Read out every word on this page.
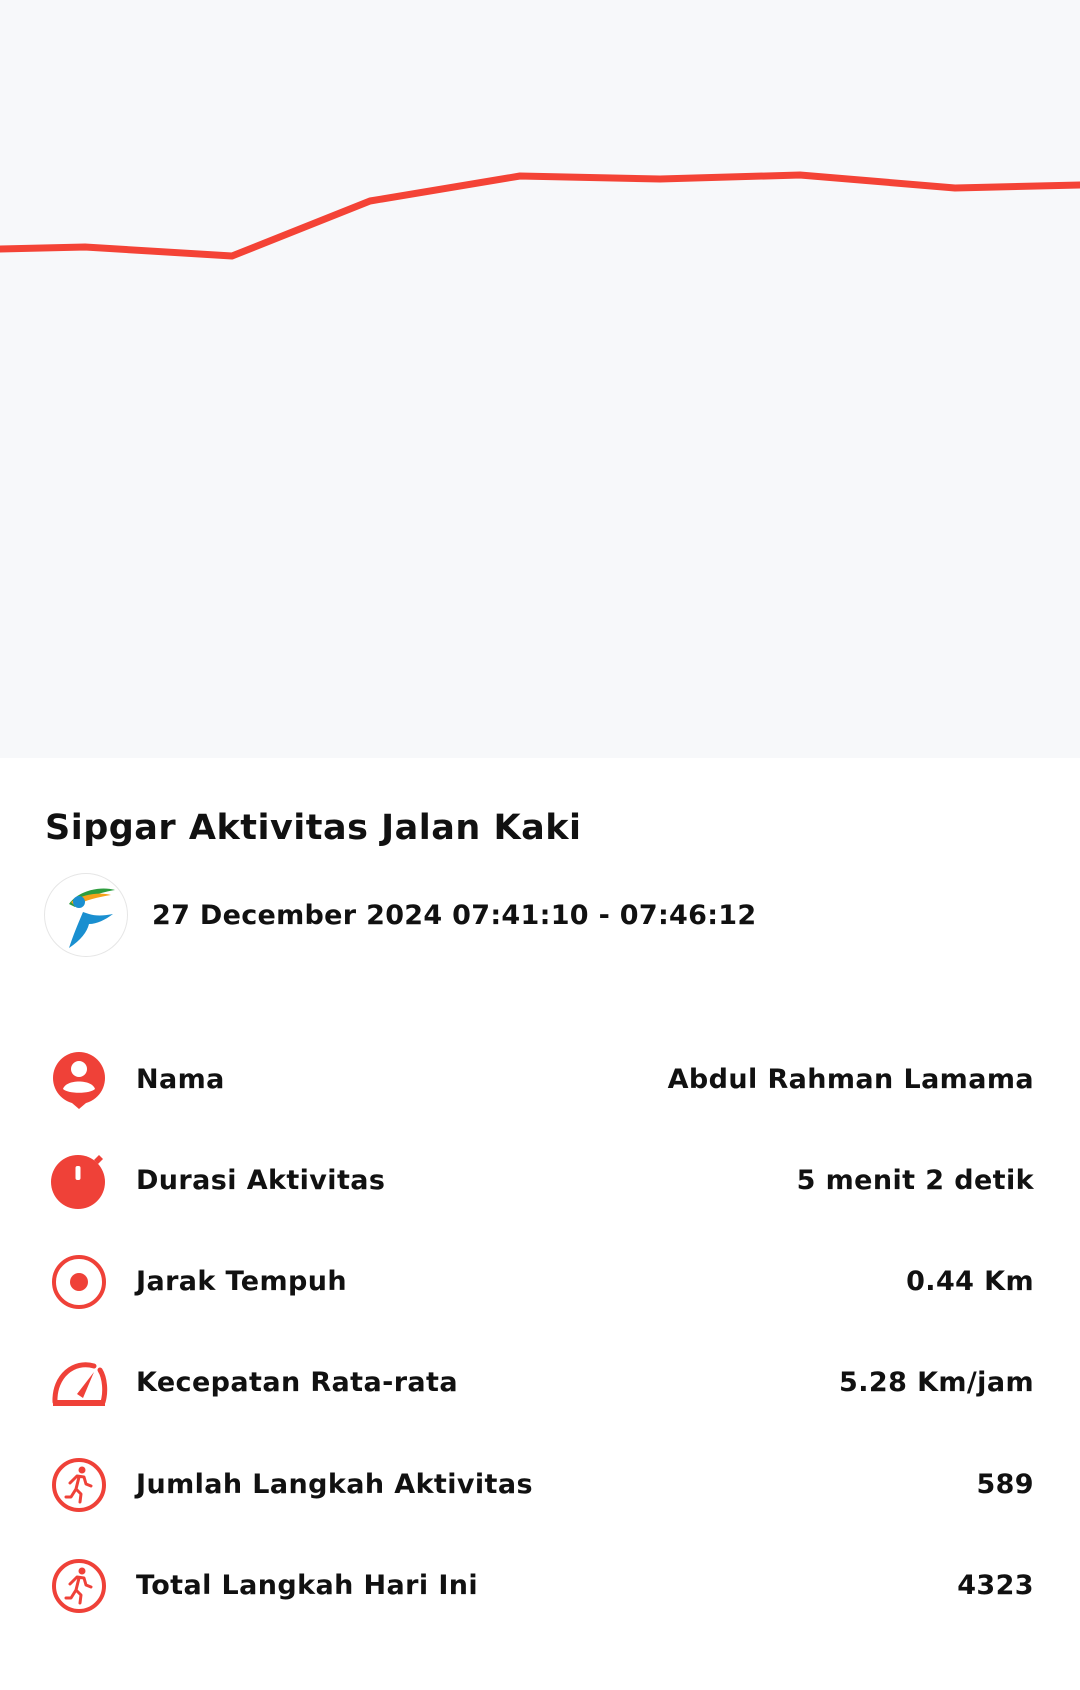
Sipgar Aktivitas Jalan Kaki
27 December 2024 07:41:10 - 07:46:12
Nama	Abdul Rahman Lamama
Durasi Aktivitas	5 menit 2 detik
Jarak Tempuh	0.44 Km
Kecepatan Rata-rata	5.28 Km/jam
Jumlah Langkah Aktivitas	589
Total Langkah Hari Ini	4323
